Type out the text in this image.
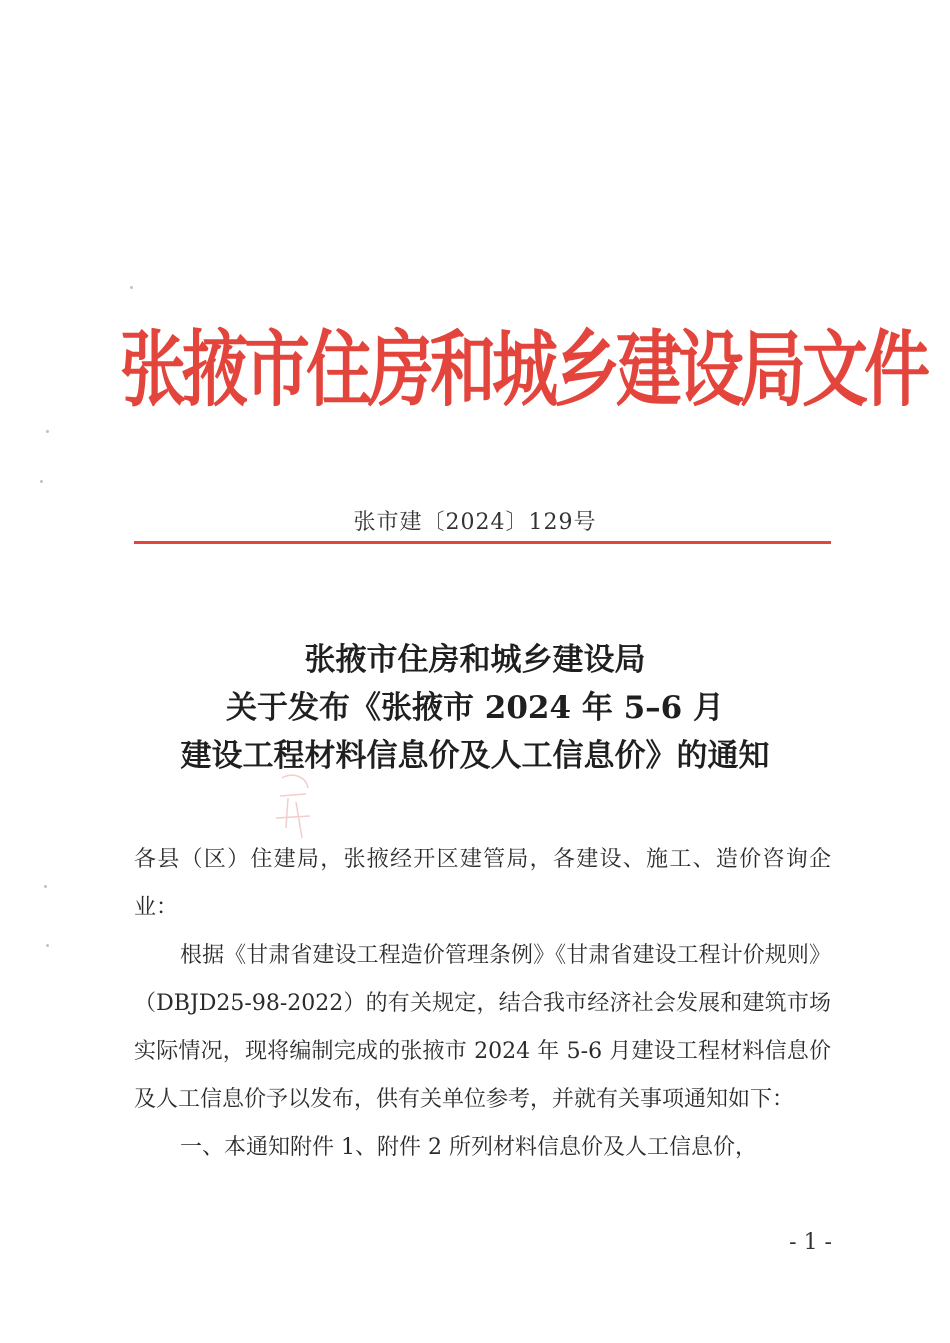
张掖市住房和城乡建设局文件
张市建〔2024〕129号
张掖市住房和城乡建设局
关于发布《张掖市 2024 年 5–6 月
建设工程材料信息价及人工信息价》的通知

各县（区）住建局，张掖经开区建管局，各建设、施工、造价咨询企业：

根据《甘肃省建设工程造价管理条例》《甘肃省建设工程计价规则》（DBJD25-98-2022）的有关规定，结合我市经济社会发展和建筑市场实际情况，现将编制完成的张掖市 2024 年 5-6 月建设工程材料信息价及人工信息价予以发布，供有关单位参考，并就有关事项通知如下：

一、本通知附件 1、附件 2 所列材料信息价及人工信息价，

- 1 -
